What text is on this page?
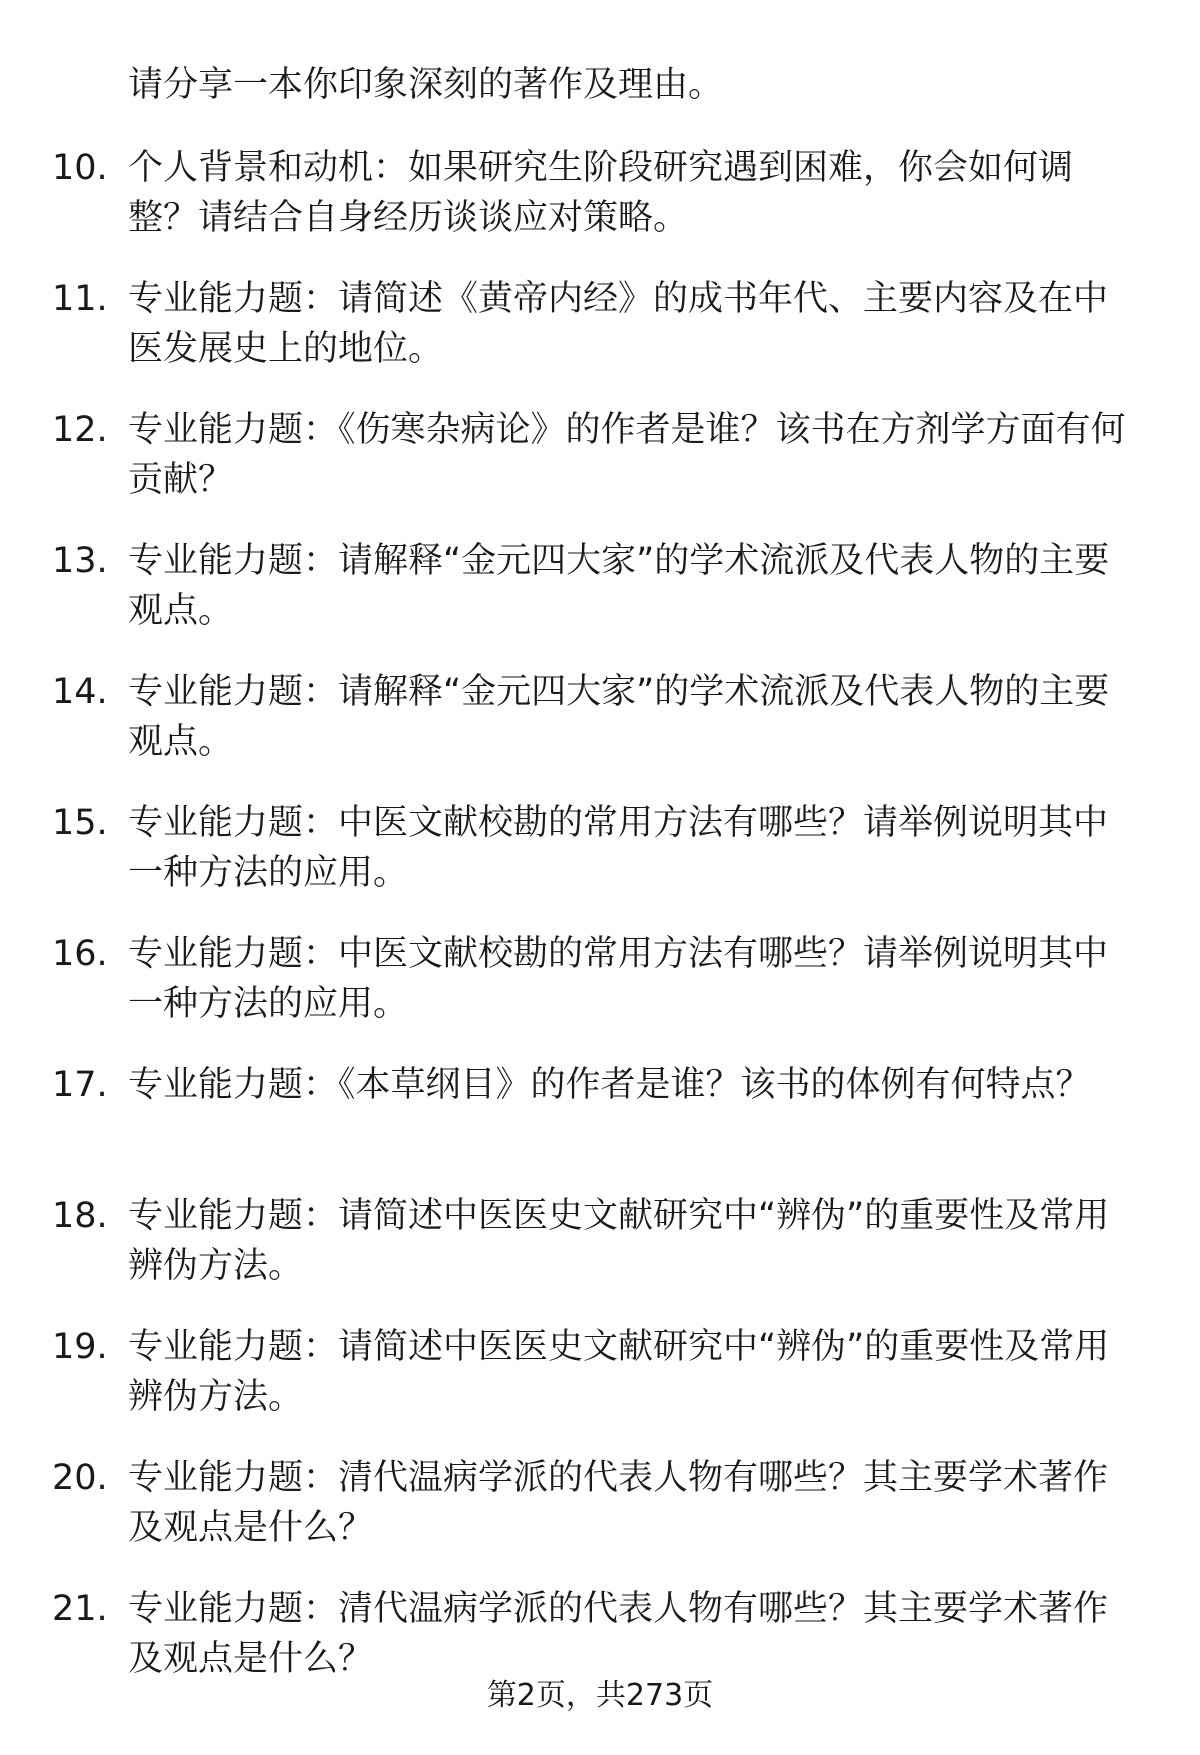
请分享一本你印象深刻的著作及理由。
10. 个人背景和动机：如果研究生阶段研究遇到困难，你会如何调整？请结合自身经历谈谈应对策略。
11. 专业能力题：请简述《黄帝内经》的成书年代、主要内容及在中医发展史上的地位。
12. 专业能力题：《伤寒杂病论》的作者是谁？该书在方剂学方面有何贡献？
13. 专业能力题：请解释“金元四大家”的学术流派及代表人物的主要观点。
14. 专业能力题：请解释“金元四大家”的学术流派及代表人物的主要观点。
15. 专业能力题：中医文献校勘的常用方法有哪些？请举例说明其中一种方法的应用。
16. 专业能力题：中医文献校勘的常用方法有哪些？请举例说明其中一种方法的应用。
17. 专业能力题：《本草纲目》的作者是谁？该书的体例有何特点？
18. 专业能力题：请简述中医医史文献研究中“辨伪”的重要性及常用辨伪方法。
19. 专业能力题：请简述中医医史文献研究中“辨伪”的重要性及常用辨伪方法。
20. 专业能力题：清代温病学派的代表人物有哪些？其主要学术著作及观点是什么？
21. 专业能力题：清代温病学派的代表人物有哪些？其主要学术著作及观点是什么？
第2页，共273页
